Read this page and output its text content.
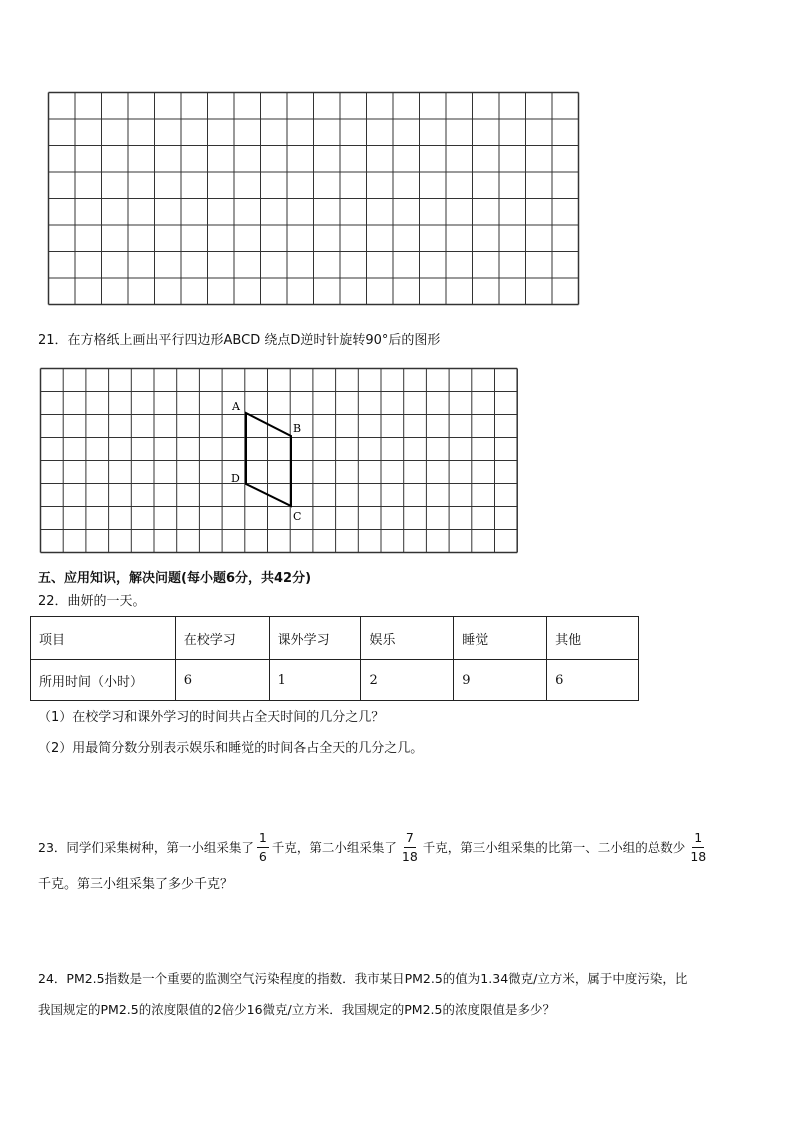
21．在方格纸上画出平行四边形ABCD 绕点D逆时针旋转90°后的图形
A
B
C
D
五、应用知识，解决问题(每小题6分，共42分)
22．曲妍的一天。
项目	在校学习	课外学习	娱乐	睡觉	其他
所用时间（小时）	6	1	2	9	6
（1）在校学习和课外学习的时间共占全天时间的几分之几？
（2）用最简分数分别表示娱乐和睡觉的时间各占全天的几分之几。
23．同学们采集树种，第一小组采集了 $\frac{1}{6}$ 千克，第二小组采集了 $\frac{7}{18}$ 千克，第三小组采集的比第一、二小组的总数少 $\frac{1}{18}$
千克。第三小组采集了多少千克？
24．PM2.5指数是一个重要的监测空气污染程度的指数．我市某日PM2.5的值为1.34微克/立方米，属于中度污染，比
我国规定的PM2.5的浓度限值的2倍少16微克/立方米．我国规定的PM2.5的浓度限值是多少？
